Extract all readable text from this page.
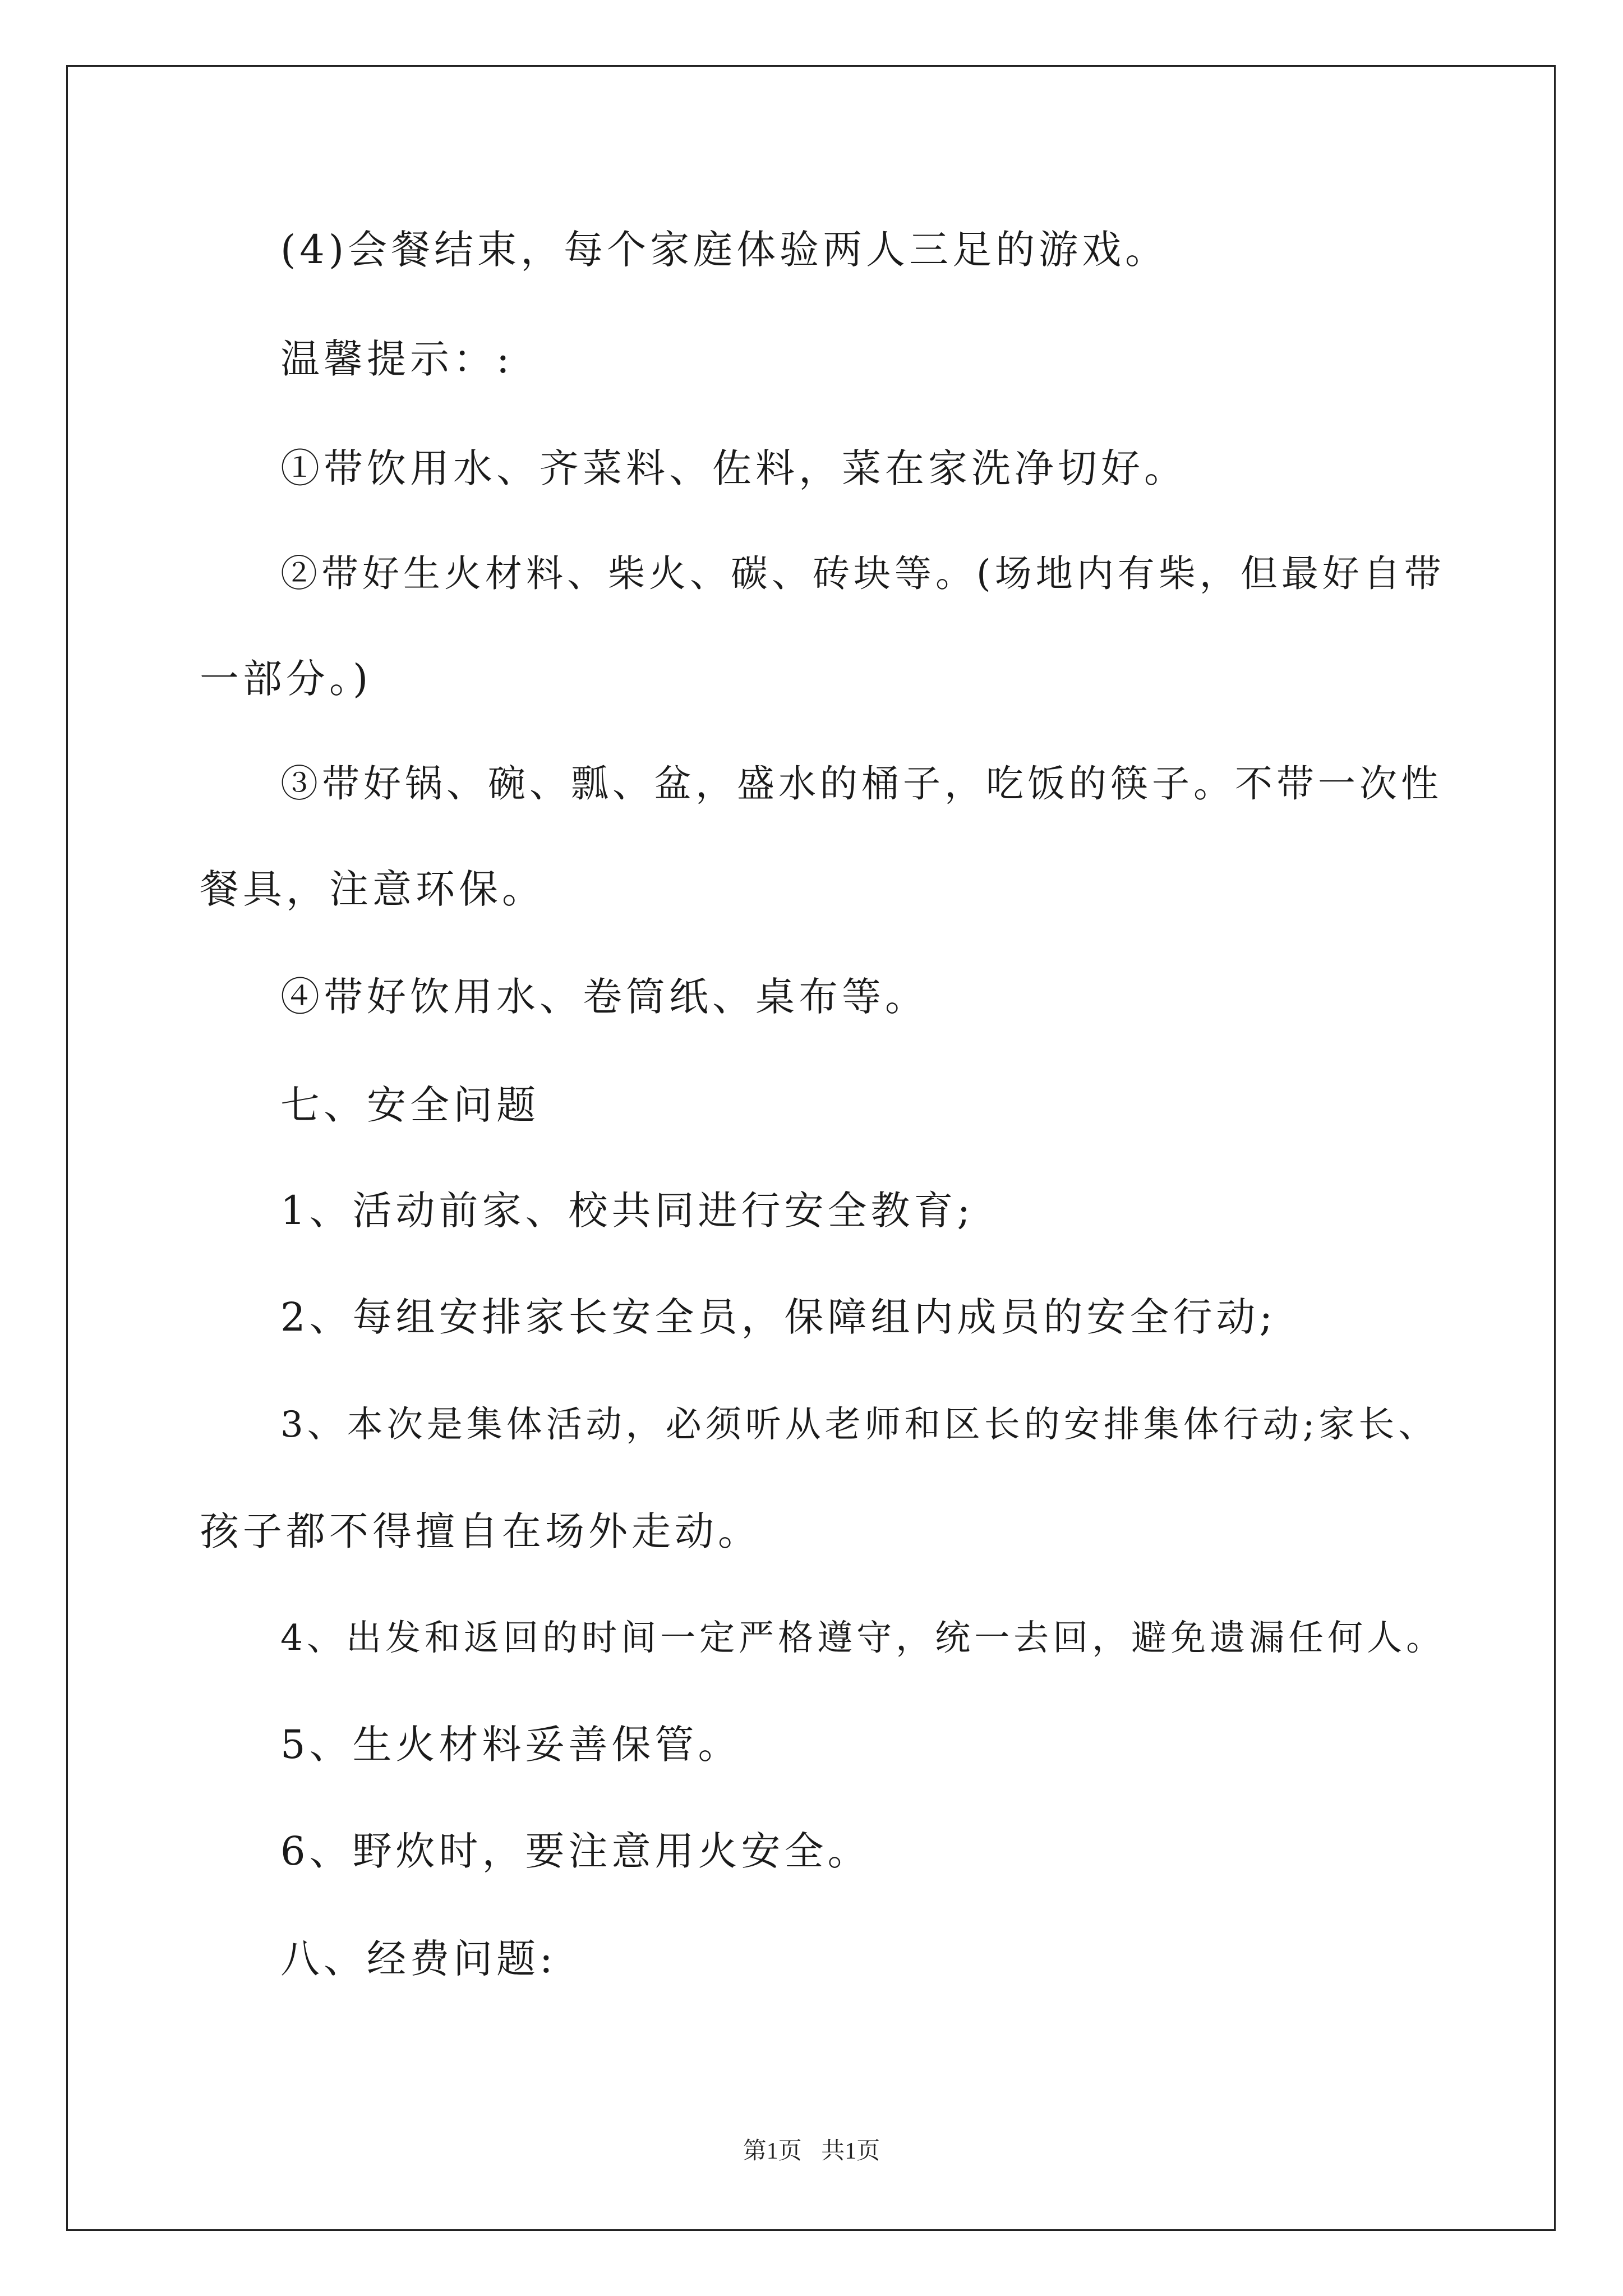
(4)会餐结束，每个家庭体验两人三足的游戏。
温馨提示：:
①带饮用水、齐菜料、佐料，菜在家洗净切好。
②带好生火材料、柴火、碳、砖块等。(场地内有柴，但最好自带
一部分。)
③带好锅、碗、瓢、盆，盛水的桶子，吃饭的筷子。不带一次性
餐具，注意环保。
④带好饮用水、卷筒纸、桌布等。
七、安全问题
1、活动前家、校共同进行安全教育;
2、每组安排家长安全员，保障组内成员的安全行动;
3、本次是集体活动，必须听从老师和区长的安排集体行动;家长、
孩子都不得擅自在场外走动。
4、出发和返回的时间一定严格遵守，统一去回，避免遗漏任何人。
5、生火材料妥善保管。
6、野炊时，要注意用火安全。
八、经费问题:
第1页 共1页
